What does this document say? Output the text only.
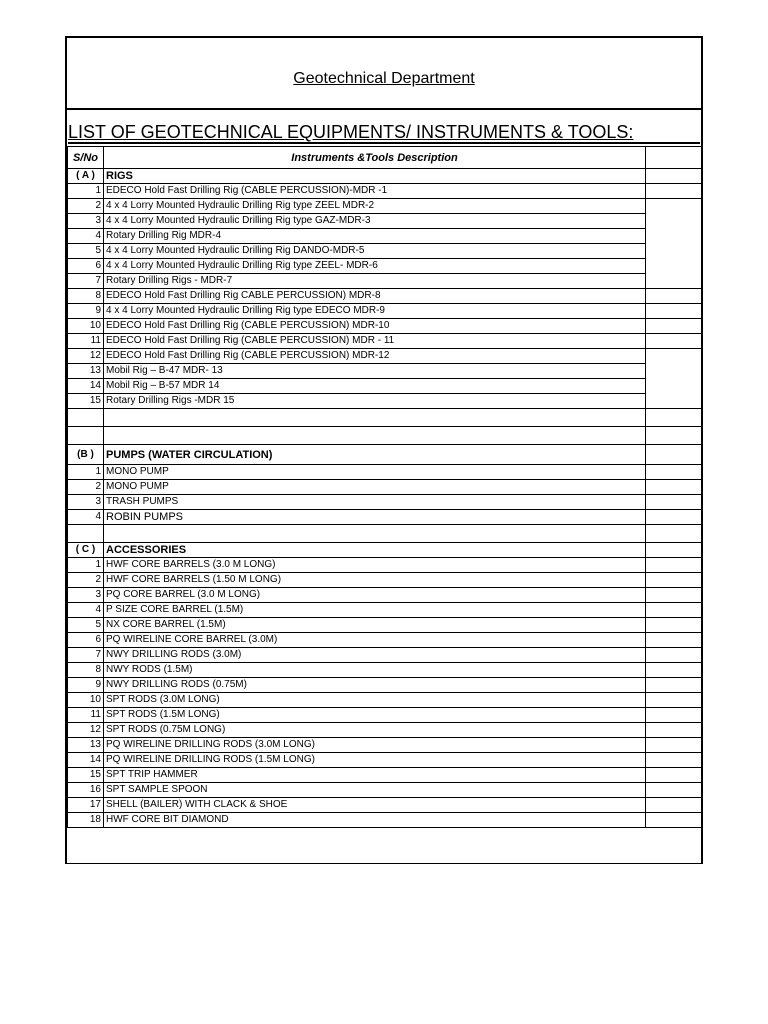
Geotechnical Department
LIST OF GEOTECHNICAL EQUIPMENTS/ INSTRUMENTS & TOOLS:
S/No	Instruments &Tools Description	
( A )	RIGS	
1	EDECO Hold Fast Drilling Rig (CABLE PERCUSSION)-MDR -1	
2	4 x 4 Lorry Mounted Hydraulic Drilling Rig type ZEEL MDR-2	
3	4 x 4 Lorry Mounted Hydraulic Drilling Rig type GAZ-MDR-3	
4	Rotary Drilling Rig MDR-4	
5	4 x 4 Lorry Mounted Hydraulic Drilling Rig DANDO-MDR-5	
6	4 x 4 Lorry Mounted Hydraulic Drilling Rig type ZEEL- MDR-6	
7	Rotary Drilling Rigs - MDR-7	
8	EDECO Hold Fast Drilling Rig CABLE PERCUSSION) MDR-8	
9	4 x 4 Lorry Mounted Hydraulic Drilling Rig type EDECO MDR-9	
10	EDECO Hold Fast Drilling Rig (CABLE PERCUSSION) MDR-10	
11	EDECO Hold Fast Drilling Rig (CABLE PERCUSSION) MDR - 11	
12	EDECO Hold Fast Drilling Rig (CABLE PERCUSSION) MDR-12	
13	Mobil Rig – B-47 MDR- 13	
14	Mobil Rig – B-57 MDR 14	
15	Rotary Drilling Rigs -MDR 15	

(B )	PUMPS (WATER CIRCULATION)	
1	MONO PUMP	
2	MONO PUMP	
3	TRASH PUMPS	
4	ROBIN PUMPS	

( C )	ACCESSORIES	
1	HWF CORE BARRELS (3.0 M LONG)	
2	HWF CORE BARRELS (1.50 M LONG)	
3	PQ CORE BARREL (3.0 M LONG)	
4	P SIZE CORE BARREL (1.5M)	
5	NX CORE BARREL (1.5M)	
6	PQ WIRELINE CORE BARREL (3.0M)	
7	NWY DRILLING RODS (3.0M)	
8	NWY RODS (1.5M)	
9	NWY DRILLING RODS (0.75M)	
10	SPT RODS (3.0M LONG)	
11	SPT RODS (1.5M LONG)	
12	SPT RODS (0.75M LONG)	
13	PQ WIRELINE DRILLING RODS (3.0M LONG)	
14	PQ WIRELINE DRILLING RODS (1.5M LONG)	
15	SPT TRIP HAMMER	
16	SPT SAMPLE SPOON	
17	SHELL (BAILER) WITH CLACK & SHOE	
18	HWF CORE BIT DIAMOND	
